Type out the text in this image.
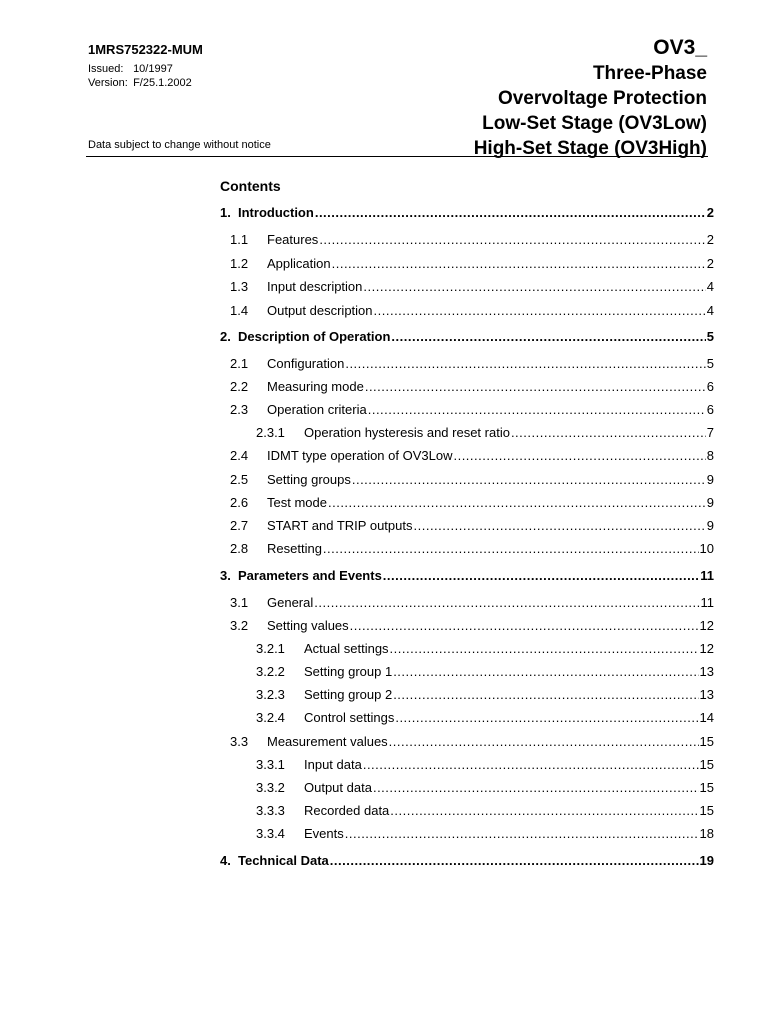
1MRS752322-MUM
Issued: 10/1997
Version: F/25.1.2002
Data subject to change without notice
OV3_
Three-Phase
Overvoltage Protection
Low-Set Stage (OV3Low)
High-Set Stage (OV3High)
Contents
1. Introduction .....	2
1.1	Features .....	2
1.2	Application .....	2
1.3	Input description .....	4
1.4	Output description .....	4
2. Description of Operation .....	5
2.1	Configuration .....	5
2.2	Measuring mode .....	6
2.3	Operation criteria .....	6
2.3.1	Operation hysteresis and reset ratio .....	7
2.4	IDMT type operation of OV3Low .....	8
2.5	Setting groups .....	9
2.6	Test mode .....	9
2.7	START and TRIP outputs .....	9
2.8	Resetting .....	10
3. Parameters and Events .....	11
3.1	General .....	11
3.2	Setting values .....	12
3.2.1	Actual settings .....	12
3.2.2	Setting group 1 .....	13
3.2.3	Setting group 2 .....	13
3.2.4	Control settings .....	14
3.3	Measurement values .....	15
3.3.1	Input data .....	15
3.3.2	Output data .....	15
3.3.3	Recorded data .....	15
3.3.4	Events .....	18
4. Technical Data .....	19
